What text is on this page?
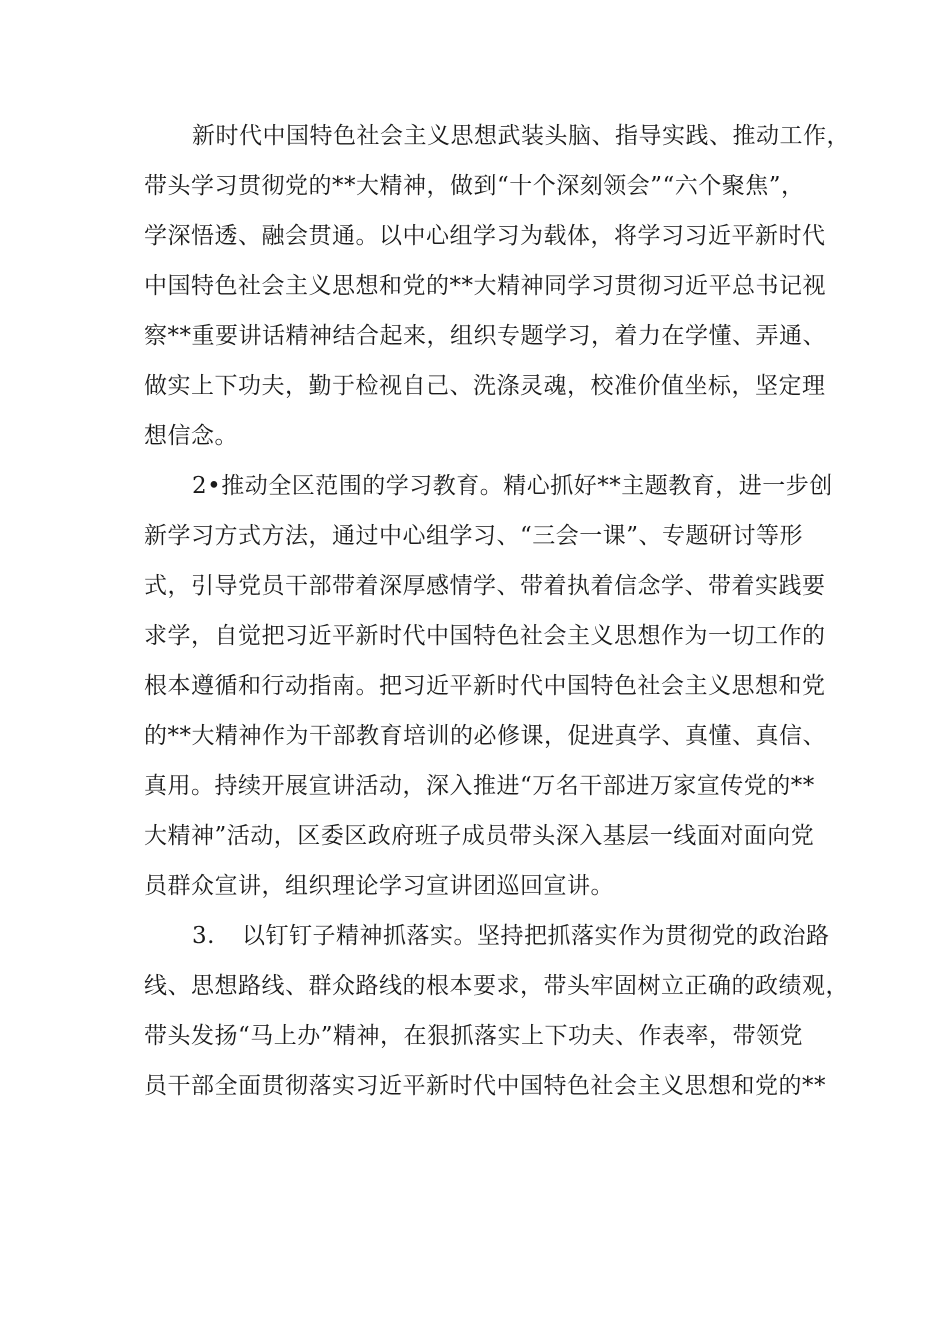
新时代中国特色社会主义思想武装头脑、指导实践、推动工作，
带头学习贯彻党的**大精神，做到“十个深刻领会”“六个聚焦”，
学深悟透、融会贯通。以中心组学习为载体，将学习习近平新时代
中国特色社会主义思想和党的**大精神同学习贯彻习近平总书记视
察**重要讲话精神结合起来，组织专题学习，着力在学懂、弄通、
做实上下功夫，勤于检视自己、洗涤灵魂，校准价值坐标，坚定理
想信念。
2•推动全区范围的学习教育。精心抓好**主题教育，进一步创
新学习方式方法，通过中心组学习、“三会一课”、专题研讨等形
式，引导党员干部带着深厚感情学、带着执着信念学、带着实践要
求学，自觉把习近平新时代中国特色社会主义思想作为一切工作的
根本遵循和行动指南。把习近平新时代中国特色社会主义思想和党
的**大精神作为干部教育培训的必修课，促进真学、真懂、真信、
真用。持续开展宣讲活动，深入推进“万名干部进万家宣传党的**
大精神”活动，区委区政府班子成员带头深入基层一线面对面向党
员群众宣讲，组织理论学习宣讲团巡回宣讲。
3. 以钉钉子精神抓落实。坚持把抓落实作为贯彻党的政治路
线、思想路线、群众路线的根本要求，带头牢固树立正确的政绩观，
带头发扬“马上办”精神，在狠抓落实上下功夫、作表率，带领党
员干部全面贯彻落实习近平新时代中国特色社会主义思想和党的**
